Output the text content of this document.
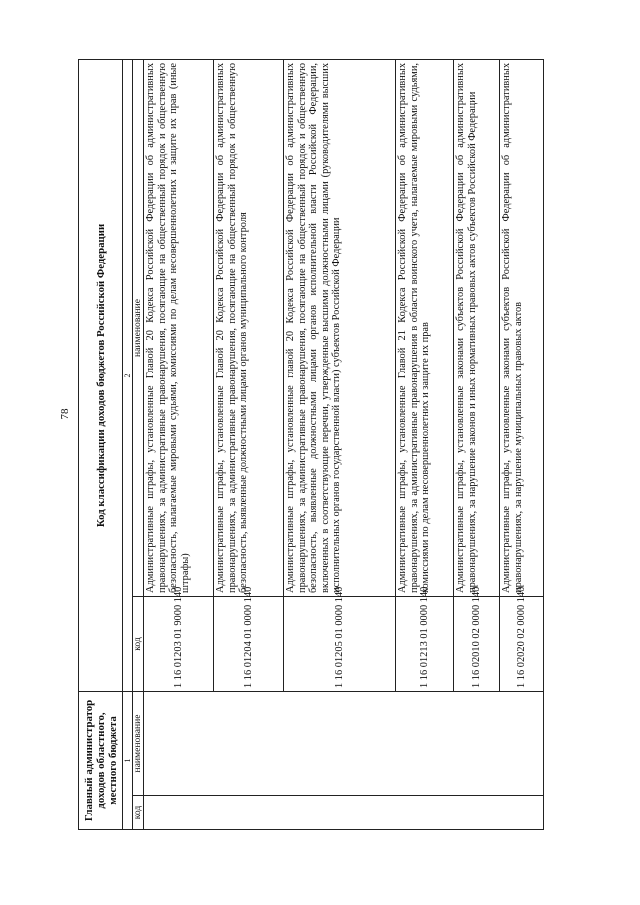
78
Главный администратор доходов областного, местного бюджета		Код классификации доходов бюджетов Российской Федерации	
1		2	
код	наименование	код	наименование
		1 16 01203 01 9000 140	Административные штрафы, установленные Главой 20 Кодекса Российской Федерации об административных правонарушениях, за административные правонарушения, посягающие на общественный порядок и общественную безопасность, налагаемые мировыми судьями, комиссиями по делам несовершеннолетних и защите их прав (иные штрафы)
		1 16 01204 01 0000 140	Административные штрафы, установленные Главой 20 Кодекса Российской Федерации об административных правонарушениях, за административные правонарушения, посягающие на общественный порядок и общественную безопасность, выявленные должностными лицами органов муниципального контроля
		1 16 01205 01 0000 140	Административные штрафы, установленные главой 20 Кодекса Российской Федерации об административных правонарушениях, за административные правонарушения, посягающие на общественный порядок и общественную безопасность, выявленные должностными лицами органов исполнительной власти Российской Федерации, включенных в соответствующие перечни, утвержденные высшими должностными лицами (руководителями высших исполнительных органов государственной власти) субъектов Российской Федерации
		1 16 01213 01 0000 140	Административные штрафы, установленные Главой 21 Кодекса Российской Федерации об административных правонарушениях, за административные правонарушения в области воинского учета, налагаемые мировыми судьями, комиссиями по делам несовершеннолетних и защите их прав
		1 16 02010 02 0000 140	Административные штрафы, установленные законами субъектов Российской Федерации об административных правонарушениях, за нарушение законов и иных нормативных правовых актов субъектов Российской Федерации
		1 16 02020 02 0000 140	Административные штрафы, установленные законами субъектов Российской Федерации об административных правонарушениях, за нарушение муниципальных правовых актов
